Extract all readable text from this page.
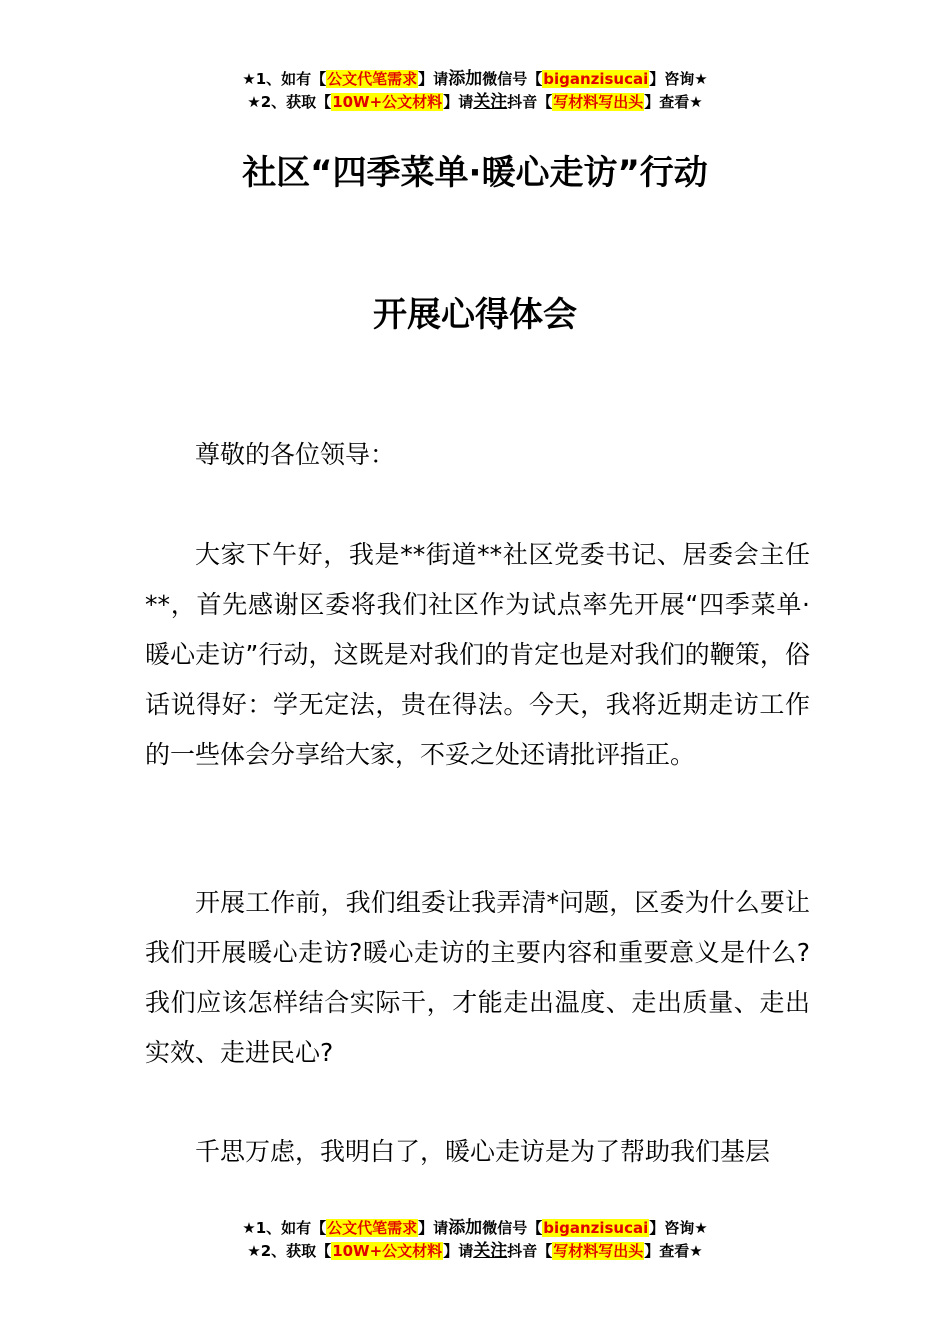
★1、如有【公文代笔需求】请添加微信号【biganzisucai】咨询★
★2、获取【10W+公文材料】请关注抖音【写材料写出头】查看★
社区“四季菜单·暖心走访”行动
开展心得体会

尊敬的各位领导：

大家下午好，我是**街道**社区党委书记、居委会主任**，首先感谢区委将我们社区作为试点率先开展“四季菜单·暖心走访”行动，这既是对我们的肯定也是对我们的鞭策，俗话说得好：学无定法，贵在得法。今天，我将近期走访工作的一些体会分享给大家，不妥之处还请批评指正。

开展工作前，我们组委让我弄清*问题，区委为什么要让我们开展暖心走访?暖心走访的主要内容和重要意义是什么?我们应该怎样结合实际干，才能走出温度、走出质量、走出实效、走进民心?

千思万虑，我明白了，暖心走访是为了帮助我们基层

★1、如有【公文代笔需求】请添加微信号【biganzisucai】咨询★
★2、获取【10W+公文材料】请关注抖音【写材料写出头】查看★
